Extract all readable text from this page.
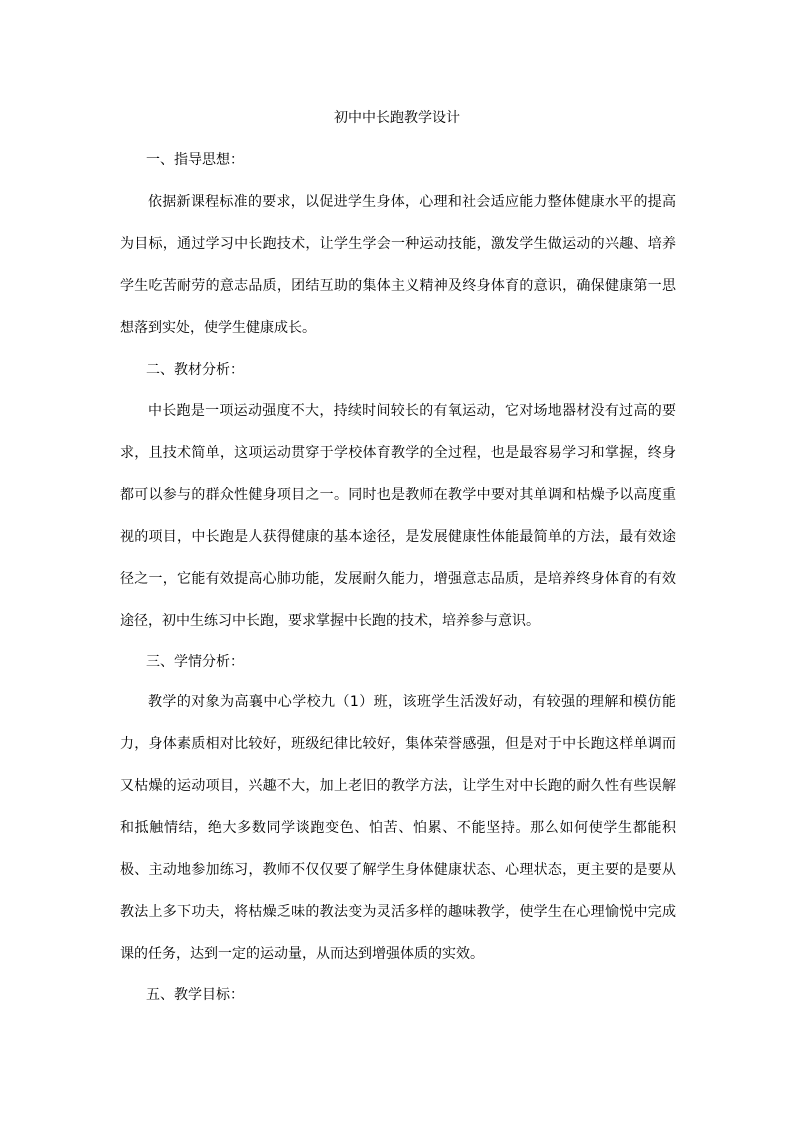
初中中长跑教学设计
一、指导思想：

依据新课程标准的要求，以促进学生身体，心理和社会适应能力整体健康水平的提高为目标，通过学习中长跑技术，让学生学会一种运动技能，激发学生做运动的兴趣、培养学生吃苦耐劳的意志品质，团结互助的集体主义精神及终身体育的意识，确保健康第一思想落到实处，使学生健康成长。

二、教材分析：

中长跑是一项运动强度不大，持续时间较长的有氧运动，它对场地器材没有过高的要求，且技术简单，这项运动贯穿于学校体育教学的全过程，也是最容易学习和掌握，终身都可以参与的群众性健身项目之一。同时也是教师在教学中要对其单调和枯燥予以高度重视的项目，中长跑是人获得健康的基本途径，是发展健康性体能最简单的方法，最有效途径之一，它能有效提高心肺功能，发展耐久能力，增强意志品质，是培养终身体育的有效途径，初中生练习中长跑，要求掌握中长跑的技术，培养参与意识。

三、学情分析：

教学的对象为高襄中心学校九（1）班，该班学生活泼好动，有较强的理解和模仿能力，身体素质相对比较好，班级纪律比较好，集体荣誉感强，但是对于中长跑这样单调而又枯燥的运动项目，兴趣不大，加上老旧的教学方法，让学生对中长跑的耐久性有些误解和抵触情结，绝大多数同学谈跑变色、怕苦、怕累、不能坚持。那么如何使学生都能积极、主动地参加练习，教师不仅仅要了解学生身体健康状态、心理状态，更主要的是要从教法上多下功夫，将枯燥乏味的教法变为灵活多样的趣味教学，使学生在心理愉悦中完成课的任务，达到一定的运动量，从而达到增强体质的实效。

五、教学目标：
